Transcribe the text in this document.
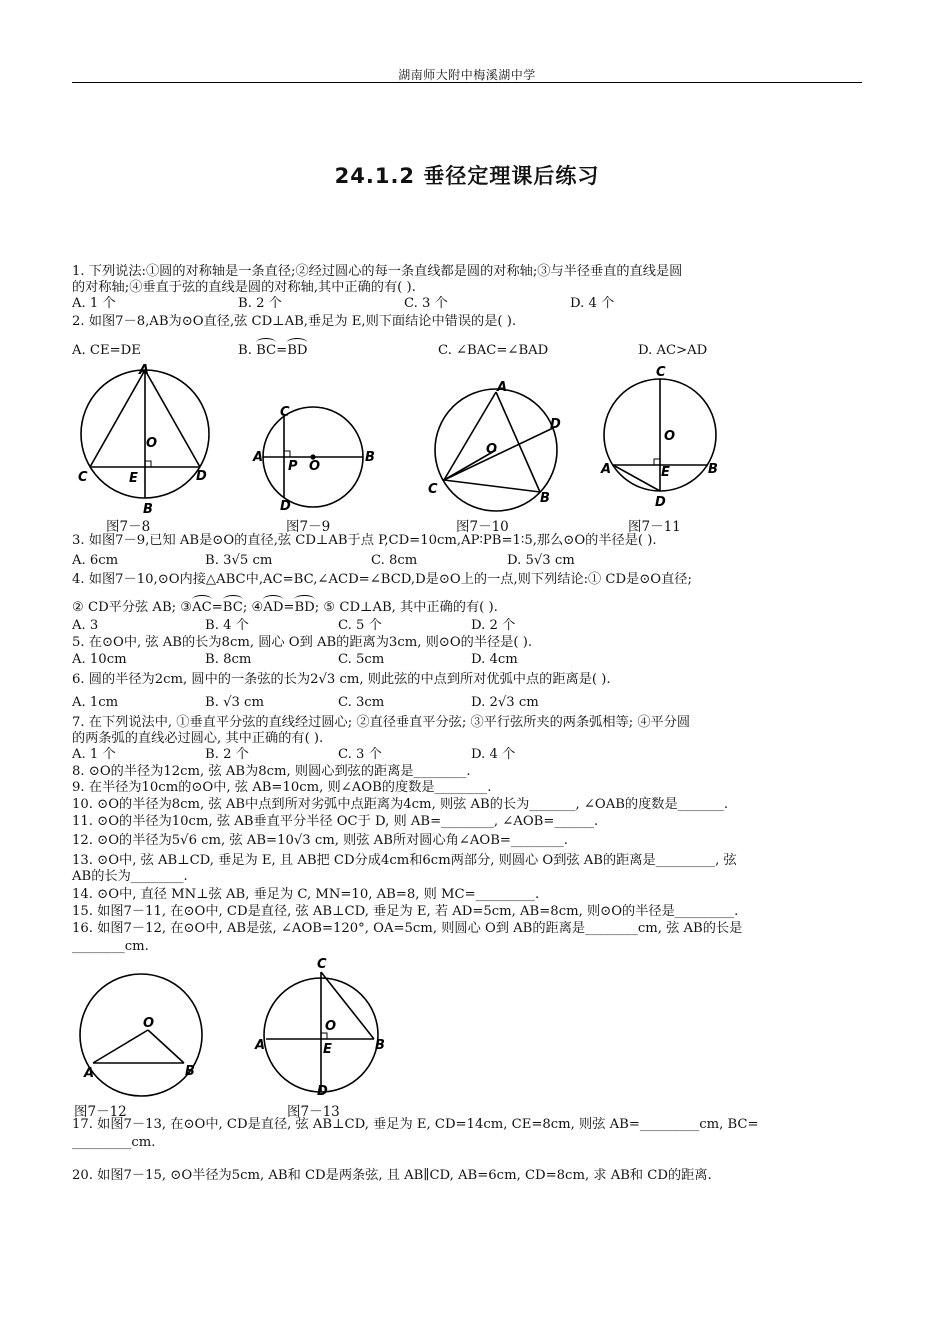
湖南师大附中梅溪湖中学
24.1.2 垂径定理课后练习
1. 下列说法:①圆的对称轴是一条直径;②经过圆心的每一条直线都是圆的对称轴;③与半径垂直的直线是圆
的对称轴;④垂直于弦的直线是圆的对称轴,其中正确的有( ).
A. 1 个	B. 2 个	C. 3 个	D. 4 个
2. 如图7－8,AB为⊙O直径,弦 CD⊥AB,垂足为 E,则下面结论中错误的是( ).
A. CE=DE	B. BC=BD	C. ∠BAC=∠BAD	D. AC>AD
A
O
C	E	D
B
C
A
P O
B
D
A
O
D
C
B
C
O
A	E	B
D
O
A	B
C
O
A	E	B
D
图7－8	图7－9	图7－10	图7－11
3. 如图7－9,已知 AB是⊙O的直径,弦 CD⊥AB于点 P,CD=10cm,AP∶PB=1∶5,那么⊙O的半径是( ).
A. 6cm	B. 3√5 cm	C. 8cm	D. 5√3 cm
4. 如图7－10,⊙O内接△ABC中,AC=BC,∠ACD=∠BCD,D是⊙O上的一点,则下列结论:① CD是⊙O直径;
② CD平分弦 AB; ③AC=BC; ④AD=BD; ⑤ CD⊥AB, 其中正确的有( ).
A. 3	B. 4 个	C. 5 个	D. 2 个
5. 在⊙O中, 弦 AB的长为8cm, 圆心 O到 AB的距离为3cm, 则⊙O的半径是( ).
A. 10cm	B. 8cm	C. 5cm	D. 4cm
6. 圆的半径为2cm, 圆中的一条弦的长为2√3 cm, 则此弦的中点到所对优弧中点的距离是( ).
A. 1cm	B. √3 cm	C. 3cm	D. 2√3 cm
7. 在下列说法中, ①垂直平分弦的直线经过圆心; ②直径垂直平分弦; ③平行弦所夹的两条弧相等; ④平分圆
的两条弧的直线必过圆心, 其中正确的有( ).
A. 1 个	B. 2 个	C. 3 个	D. 4 个
8. ⊙O的半径为12cm, 弦 AB为8cm, 则圆心到弦的距离是________.
9. 在半径为10cm的⊙O中, 弦 AB=10cm, 则∠AOB的度数是________.
10. ⊙O的半径为8cm, 弦 AB中点到所对劣弧中点距离为4cm, 则弦 AB的长为_______, ∠OAB的度数是_______.
11. ⊙O的半径为10cm, 弦 AB垂直平分半径 OC于 D, 则 AB=________, ∠AOB=______.
12. ⊙O的半径为5√6 cm, 弦 AB=10√3 cm, 则弦 AB所对圆心角∠AOB=________.
13. ⊙O中, 弦 AB⊥CD, 垂足为 E, 且 AB把 CD分成4cm和6cm两部分, 则圆心 O到弦 AB的距离是_________, 弦
AB的长为________.
14. ⊙O中, 直径 MN⊥弦 AB, 垂足为 C, MN=10, AB=8, 则 MC=_________.
15. 如图7－11, 在⊙O中, CD是直径, 弦 AB⊥CD, 垂足为 E, 若 AD=5cm, AB=8cm, 则⊙O的半径是_________.
16. 如图7－12, 在⊙O中, AB是弦, ∠AOB=120°, OA=5cm, 则圆心 O到 AB的距离是________cm, 弦 AB的长是
________cm.
图7－12	图7－13
17. 如图7－13, 在⊙O中, CD是直径, 弦 AB⊥CD, 垂足为 E, CD=14cm, CE=8cm, 则弦 AB=_________cm, BC=
_________cm.
20. 如图7－15, ⊙O半径为5cm, AB和 CD是两条弦, 且 AB∥CD, AB=6cm, CD=8cm, 求 AB和 CD的距离.
